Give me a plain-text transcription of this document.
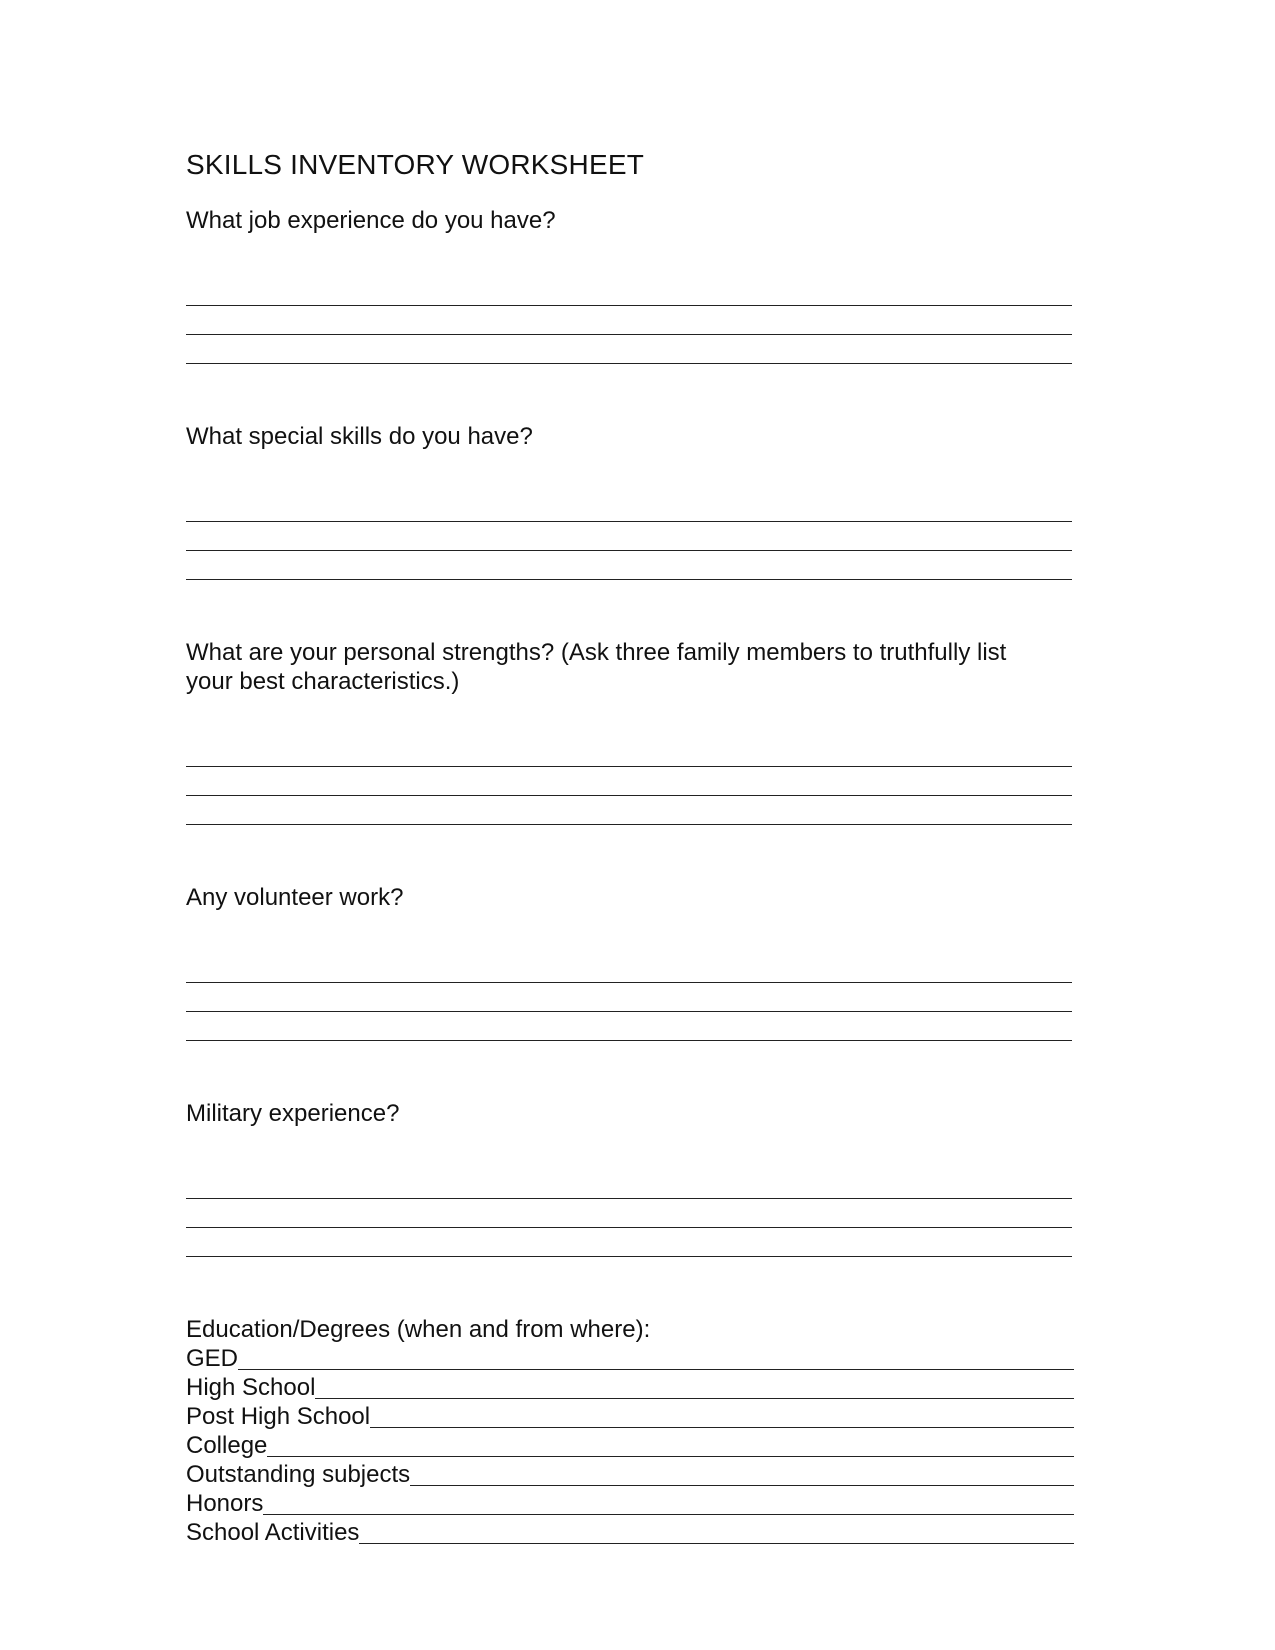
SKILLS INVENTORY WORKSHEET

What job experience do you have?

What special skills do you have?

What are your personal strengths? (Ask three family members to truthfully list

your best characteristics.)

Any volunteer work?

Military experience?

Education/Degrees (when and from where):

GED
High School
Post High School
College
Outstanding subjects
Honors
School Activities
